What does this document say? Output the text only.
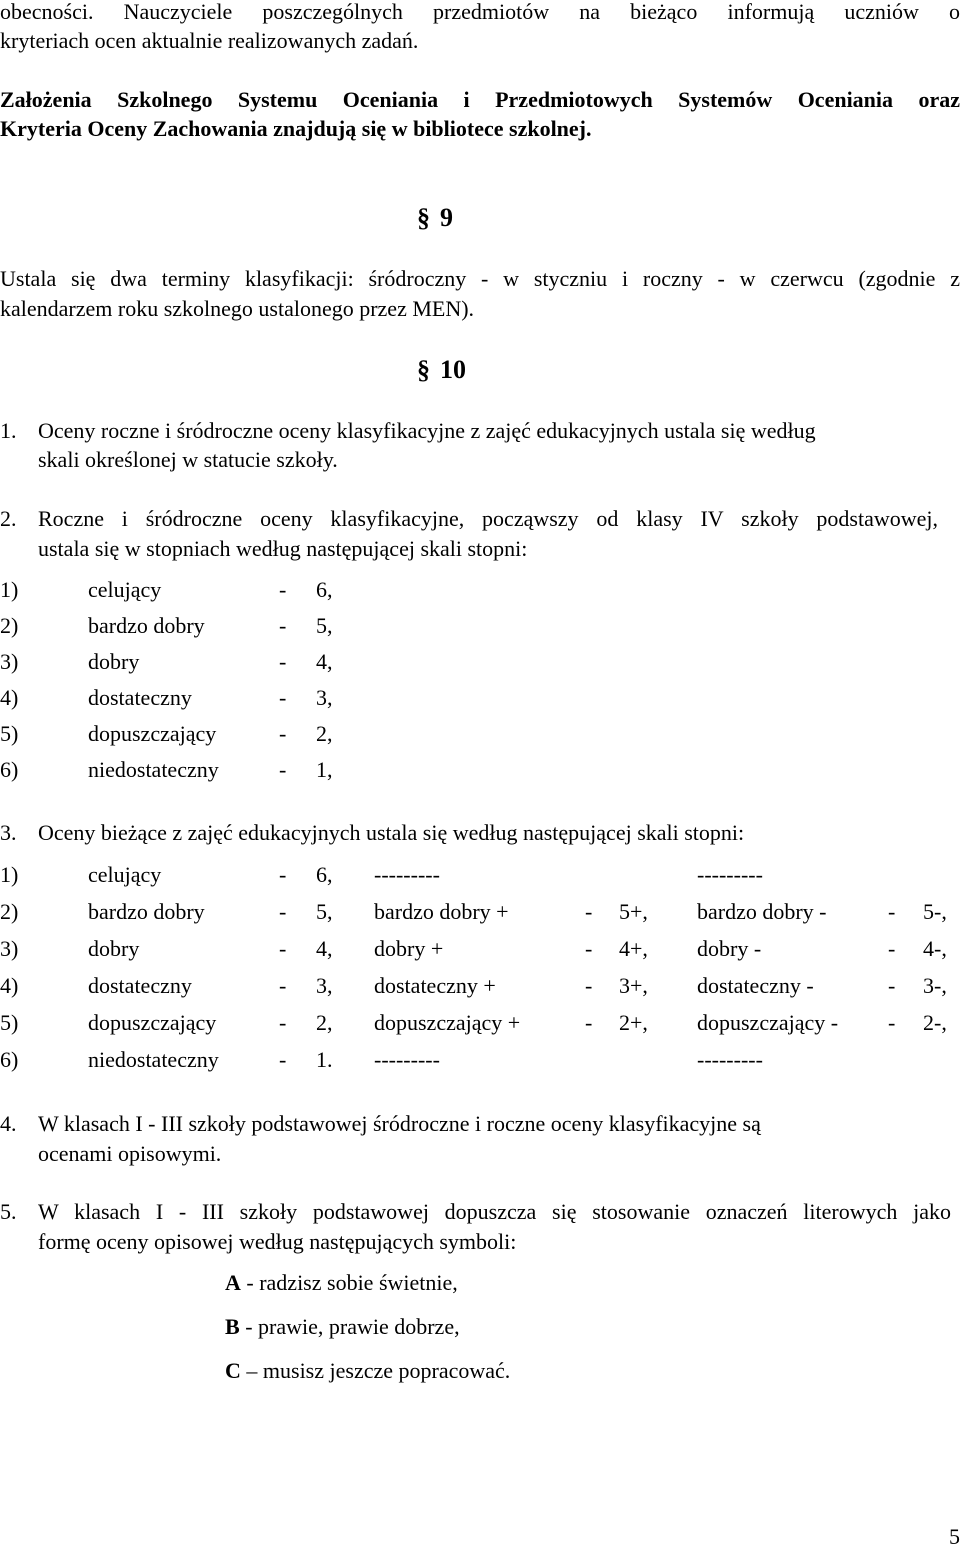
obecności. Nauczyciele poszczególnych przedmiotów na bieżąco informują uczniów o
kryteriach ocen aktualnie realizowanych zadań.
Założenia Szkolnego Systemu Oceniania i Przedmiotowych Systemów Oceniania oraz
Kryteria Oceny Zachowania znajdują się w bibliotece szkolnej.
§ 9
Ustala się dwa terminy klasyfikacji: śródroczny - w styczniu i roczny - w czerwcu (zgodnie z
kalendarzem roku szkolnego ustalonego przez MEN).
§ 10
1. Oceny roczne i śródroczne oceny klasyfikacyjne z zajęć edukacyjnych ustala się według
skali określonej w statucie szkoły.
2. Roczne i śródroczne oceny klasyfikacyjne, począwszy od klasy IV szkoły podstawowej,
ustala się w stopniach według następującej skali stopni:
1)	celujący	- 6,
2)	bardzo dobry	- 5,
3)	dobry	- 4,
4)	dostateczny	- 3,
5)	dopuszczający	- 2,
6)	niedostateczny	- 1,
3. Oceny bieżące z zajęć edukacyjnych ustala się według następującej skali stopni:
1)	celujący	- 6, ---------	---------
2)	bardzo dobry	- 5, bardzo dobry +	- 5+, bardzo dobry -	- 5-,
3)	dobry	- 4, dobry +	- 4+, dobry -	- 4-,
4)	dostateczny	- 3, dostateczny +	- 3+, dostateczny -	- 3-,
5)	dopuszczający	- 2, dopuszczający +	- 2+, dopuszczający - - 2-,
6)	niedostateczny	- 1. ---------	---------
4. W klasach I - III szkoły podstawowej śródroczne i roczne oceny klasyfikacyjne są
ocenami opisowymi.
5. W klasach I - III szkoły podstawowej dopuszcza się stosowanie oznaczeń literowych jako
formę oceny opisowej według następujących symboli:
A - radzisz sobie świetnie,
B - prawie, prawie dobrze,
C – musisz jeszcze popracować.
5
